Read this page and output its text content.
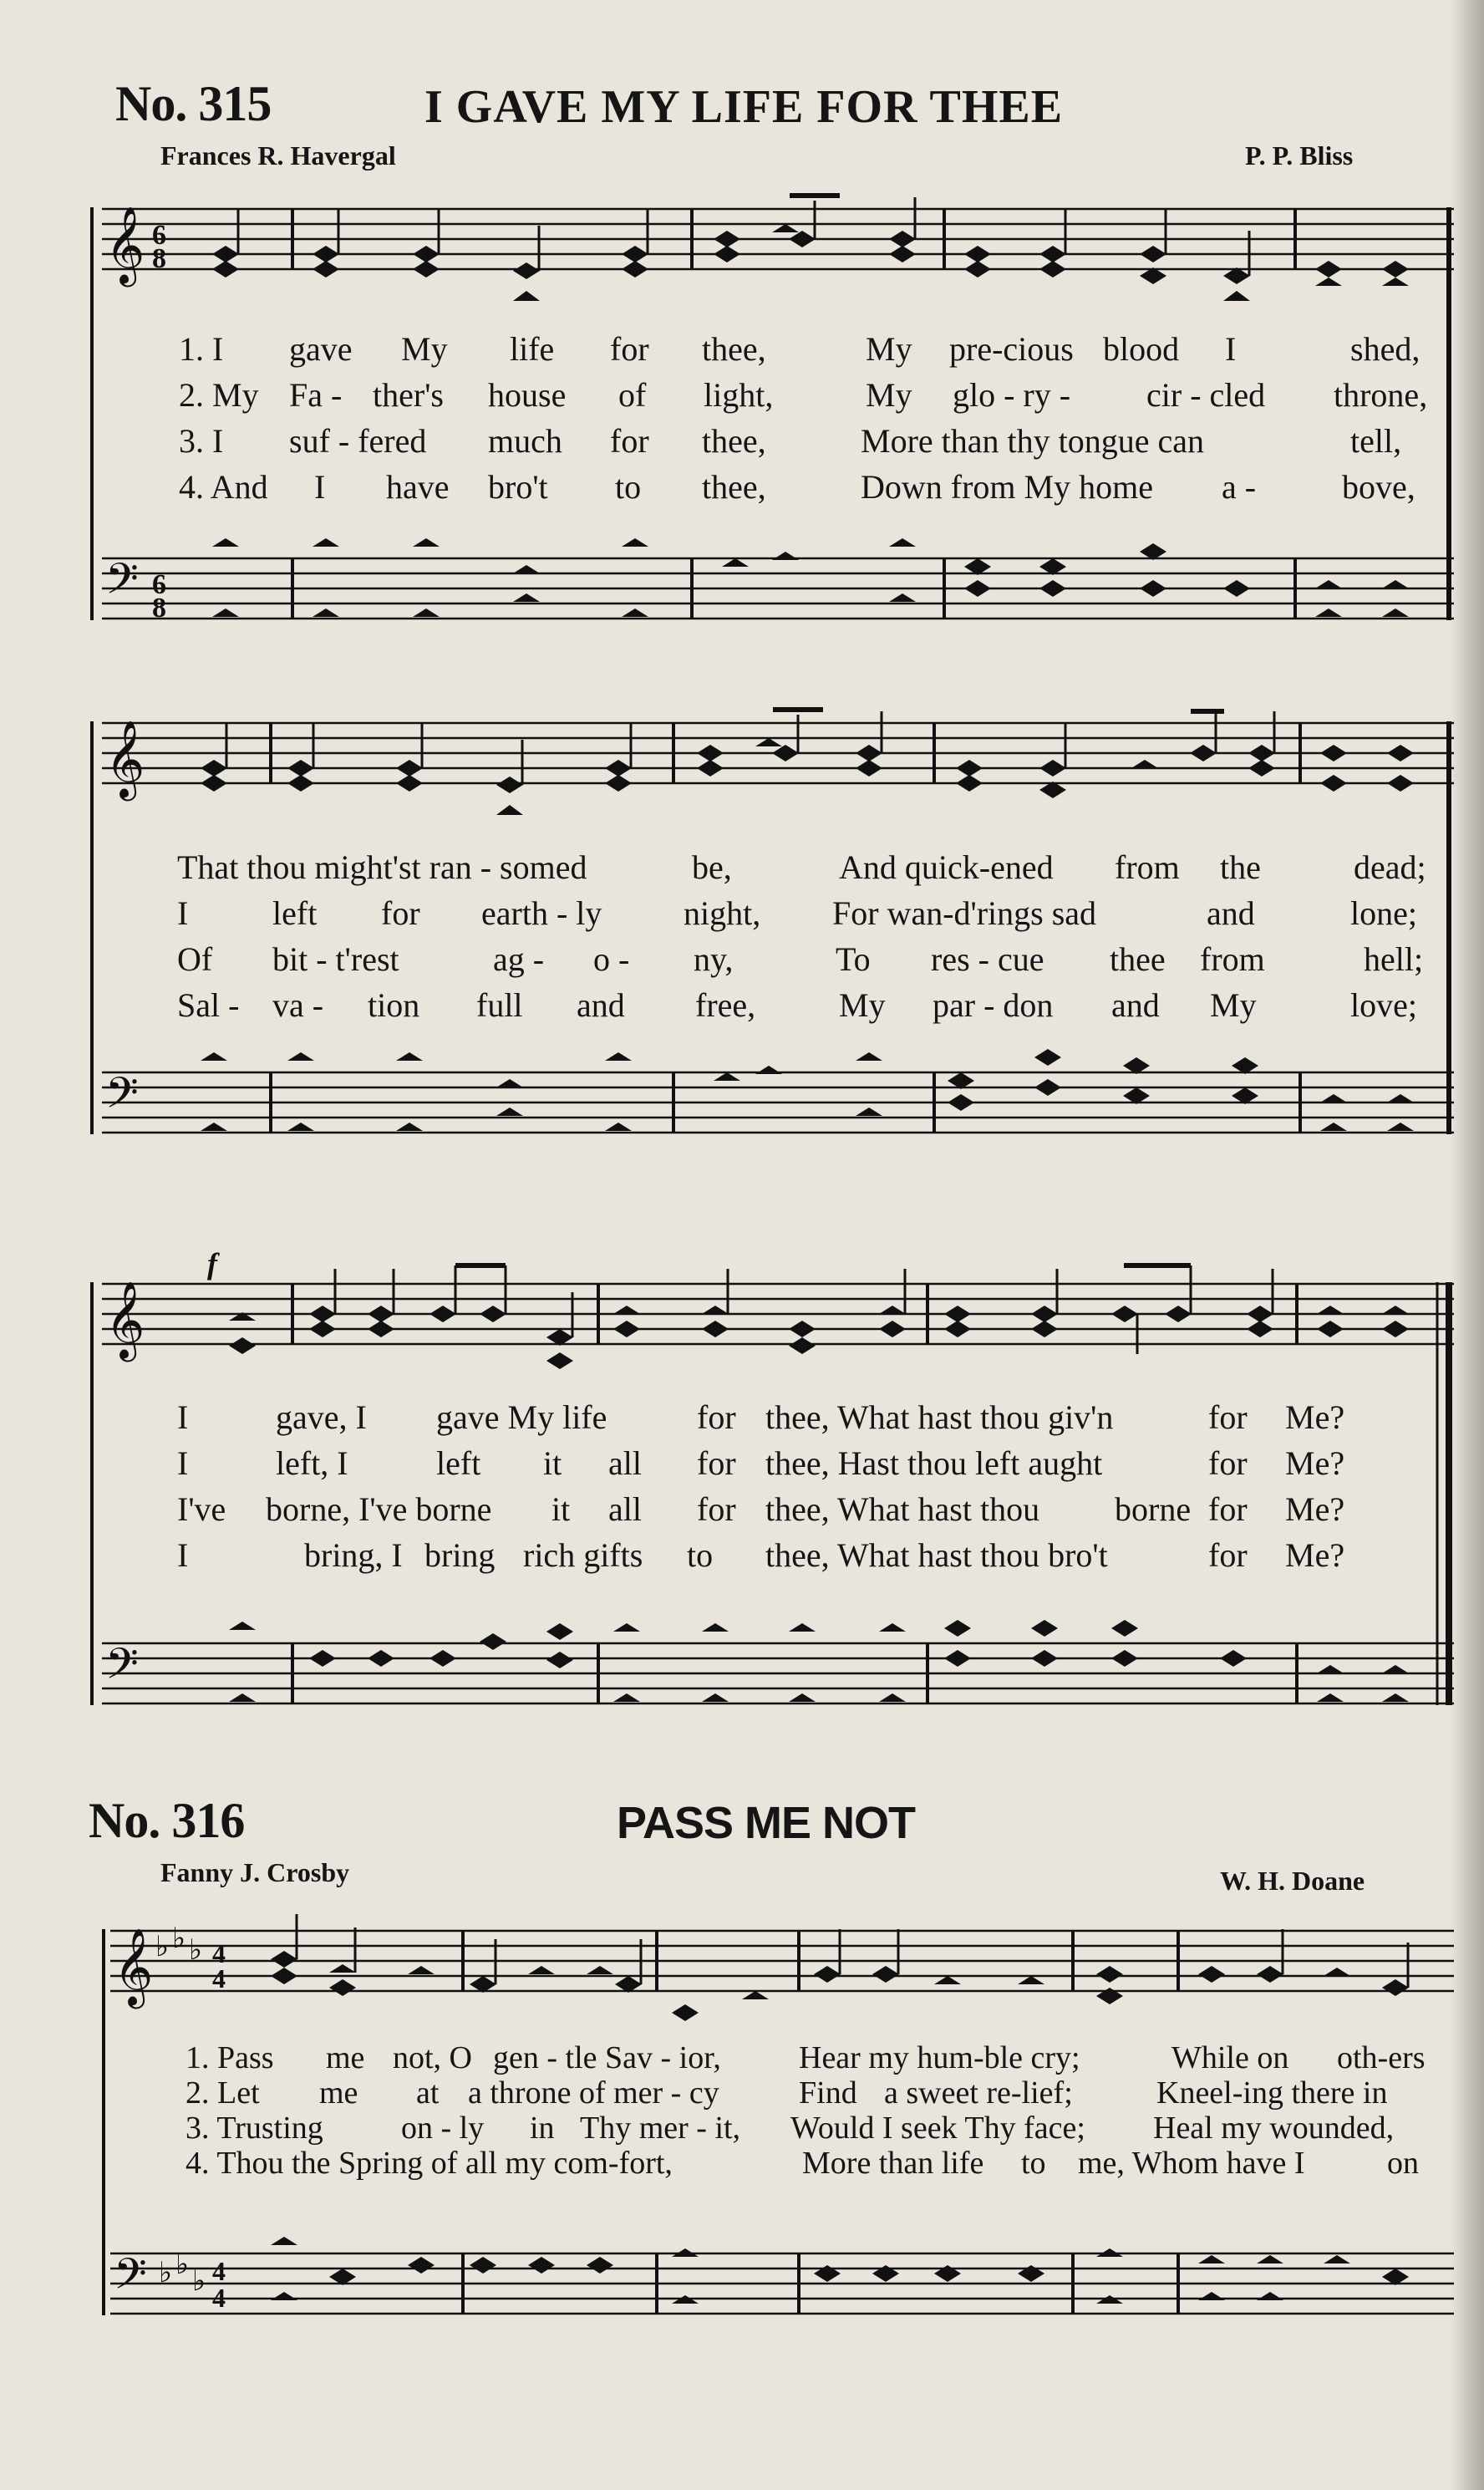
No. 315	I GAVE MY LIFE FOR THEE
Frances R. Havergal	P. P. Bliss
𝄞 6
8
𝄢 6
8
1. I gave My life for thee,	My pre-cious blood I	shed,
2. My Fa - ther's house of light,	My glo - ry - cir - cled throne,
3. I suf - fered much for thee,	More than thy tongue can	tell,
4. And I have bro't to thee,	Down from My home a -	bove,
𝄞
𝄢
That thou might'st ran - somed	be,	And quick-ened from the	dead;
I	left for earth - ly night, For wan-d'rings sad	and	lone;
Of bit - t'rest	ag - o - ny,	To res - cue thee from	hell;
Sal - va - tion full and free, My par - don and My	love;
𝄞
𝄢
f
I	gave, I gave My life	for thee, What hast thou giv'n	for Me?
I	left, I	left it all for thee, Hast thou left aught	for Me?
I've borne, I've borne it all for thee, What hast thou borne for Me?
I	bring, I bring rich gifts to thee, What hast thou bro't	for Me?
No. 316	PASS ME NOT
Fanny J. Crosby	W. H. Doane
𝄞 ♭ ♭ ♭ 4
4
𝄢 ♭ ♭
♭ 4
4
1. Pass me not, O gen - tle Sav - ior, Hear my hum-ble cry;	While on oth-ers
2. Let me at a throne of mer - cy	Find a sweet re-lief;	Kneel-ing there in
3. Trusting on - ly in Thy mer - it, Would I seek Thy face; Heal my wounded,
4. Thou the Spring of all my com-fort,	More than life to me, Whom have I	on
